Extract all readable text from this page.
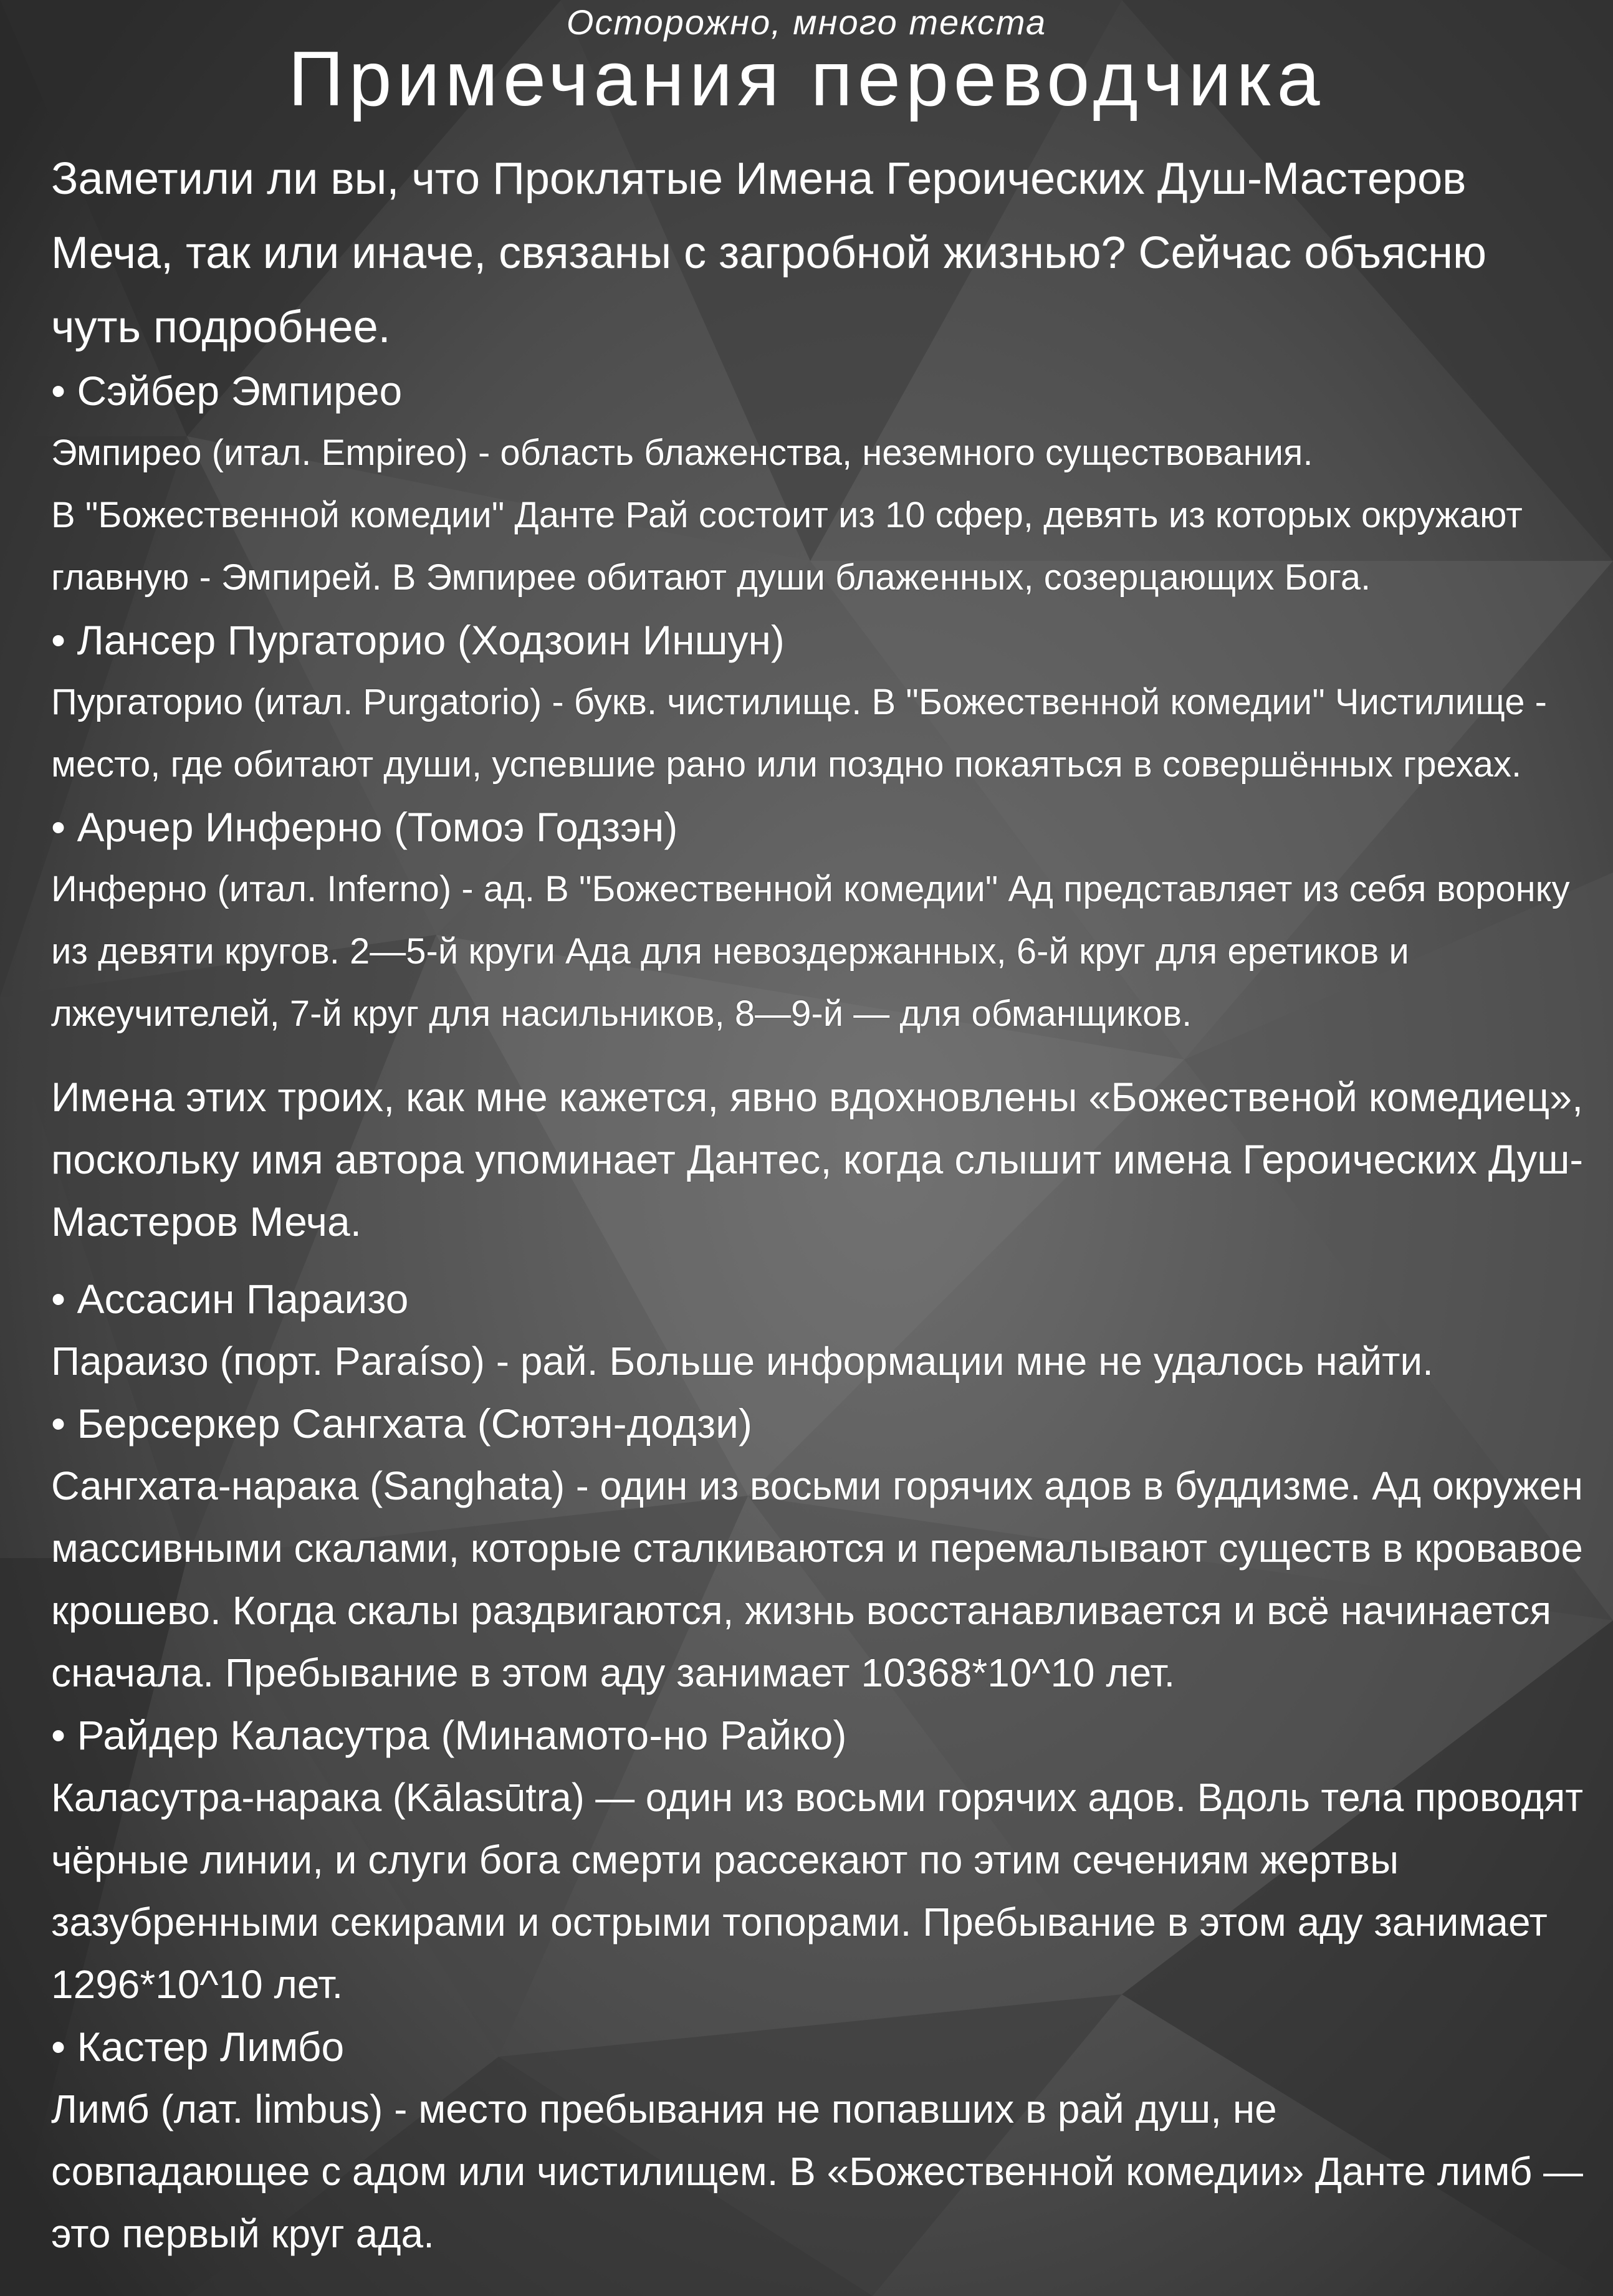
Осторожно, много текста
Примечания переводчика
Заметили ли вы, что Проклятые Имена Героических Душ-Мастеров
Меча, так или иначе, связаны с загробной жизнью? Сейчас объясню
чуть подробнее.
• Сэйбер Эмпирео
Эмпирео (итал. Empireo) - область блаженства, неземного существования.
В "Божественной комедии" Данте Рай состоит из 10 сфер, девять из которых окружают
главную - Эмпирей. В Эмпирее обитают души блаженных, созерцающих Бога.
• Лансер Пургаторио (Ходзоин Иншун)
Пургаторио (итал. Purgatorio) - букв. чистилище. В "Божественной комедии" Чистилище -
место, где обитают души, успевшие рано или поздно покаяться в совершённых грехах.
• Арчер Инферно (Томоэ Годзэн)
Инферно (итал. Inferno) - ад. В "Божественной комедии" Ад представляет из себя воронку
из девяти кругов. 2—5-й круги Ада для невоздержанных, 6-й круг для еретиков и
лжеучителей, 7-й круг для насильников, 8—9-й — для обманщиков.
Имена этих троих, как мне кажется, явно вдохновлены «Божественой комедиец»,
поскольку имя автора упоминает Дантес, когда слышит имена Героических Душ-
Мастеров Меча.
• Ассасин Параизо
Параизо (порт. Paraíso) - рай. Больше информации мне не удалось найти.
• Берсеркер Сангхата (Сютэн-додзи)
Сангхата-нарака (Sanghata) - один из восьми горячих адов в буддизме. Ад окружен
массивными скалами, которые сталкиваются и перемалывают существ в кровавое
крошево. Когда скалы раздвигаются, жизнь восстанавливается и всё начинается
сначала. Пребывание в этом аду занимает 10368*10^10 лет.
• Райдер Каласутра (Минамото-но Райко)
Каласутра-нарака (Kālasūtra) — один из восьми горячих адов. Вдоль тела проводят
чёрные линии, и слуги бога смерти рассекают по этим сечениям жертвы
зазубренными секирами и острыми топорами. Пребывание в этом аду занимает
1296*10^10 лет.
• Кастер Лимбо
Лимб (лат. limbus) - место пребывания не попавших в рай душ, не
совпадающее с адом или чистилищем. В «Божественной комедии» Данте лимб —
это первый круг ада.
